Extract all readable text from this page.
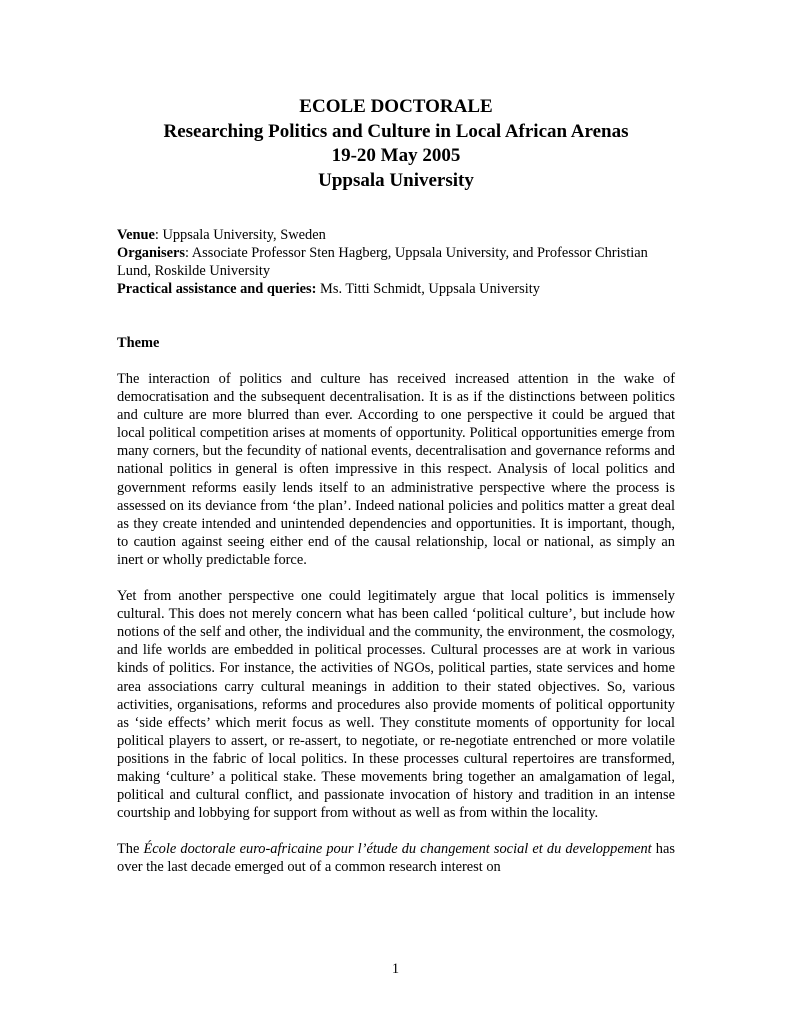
ECOLE DOCTORALE
Researching Politics and Culture in Local African Arenas
19-20 May 2005
Uppsala University

Venue: Uppsala University, Sweden

Organisers: Associate Professor Sten Hagberg, Uppsala University, and Professor Christian Lund, Roskilde University

Practical assistance and queries: Ms. Titti Schmidt, Uppsala University

Theme

The interaction of politics and culture has received increased attention in the wake of democratisation and the subsequent decentralisation. It is as if the distinctions between politics and culture are more blurred than ever. According to one perspective it could be argued that local political competition arises at moments of opportunity. Political opportunities emerge from many corners, but the fecundity of national events, decentralisation and governance reforms and national politics in general is often impressive in this respect. Analysis of local politics and government reforms easily lends itself to an administrative perspective where the process is assessed on its deviance from ‘the plan’. Indeed national policies and politics matter a great deal as they create intended and unintended dependencies and opportunities. It is important, though, to caution against seeing either end of the causal relationship, local or national, as simply an inert or wholly predictable force.

Yet from another perspective one could legitimately argue that local politics is immensely cultural. This does not merely concern what has been called ‘political culture’, but include how notions of the self and other, the individual and the community, the environment, the cosmology, and life worlds are embedded in political processes. Cultural processes are at work in various kinds of politics. For instance, the activities of NGOs, political parties, state services and home area associations carry cultural meanings in addition to their stated objectives. So, various activities, organisations, reforms and procedures also provide moments of political opportunity as ‘side effects’ which merit focus as well. They constitute moments of opportunity for local political players to assert, or re-assert, to negotiate, or re-negotiate entrenched or more volatile positions in the fabric of local politics. In these processes cultural repertoires are transformed, making ‘culture’ a political stake. These movements bring together an amalgamation of legal, political and cultural conflict, and passionate invocation of history and tradition in an intense courtship and lobbying for support from without as well as from within the locality.

The École doctorale euro-africaine pour l’étude du changement social et du developpement has over the last decade emerged out of a common research interest on

1
